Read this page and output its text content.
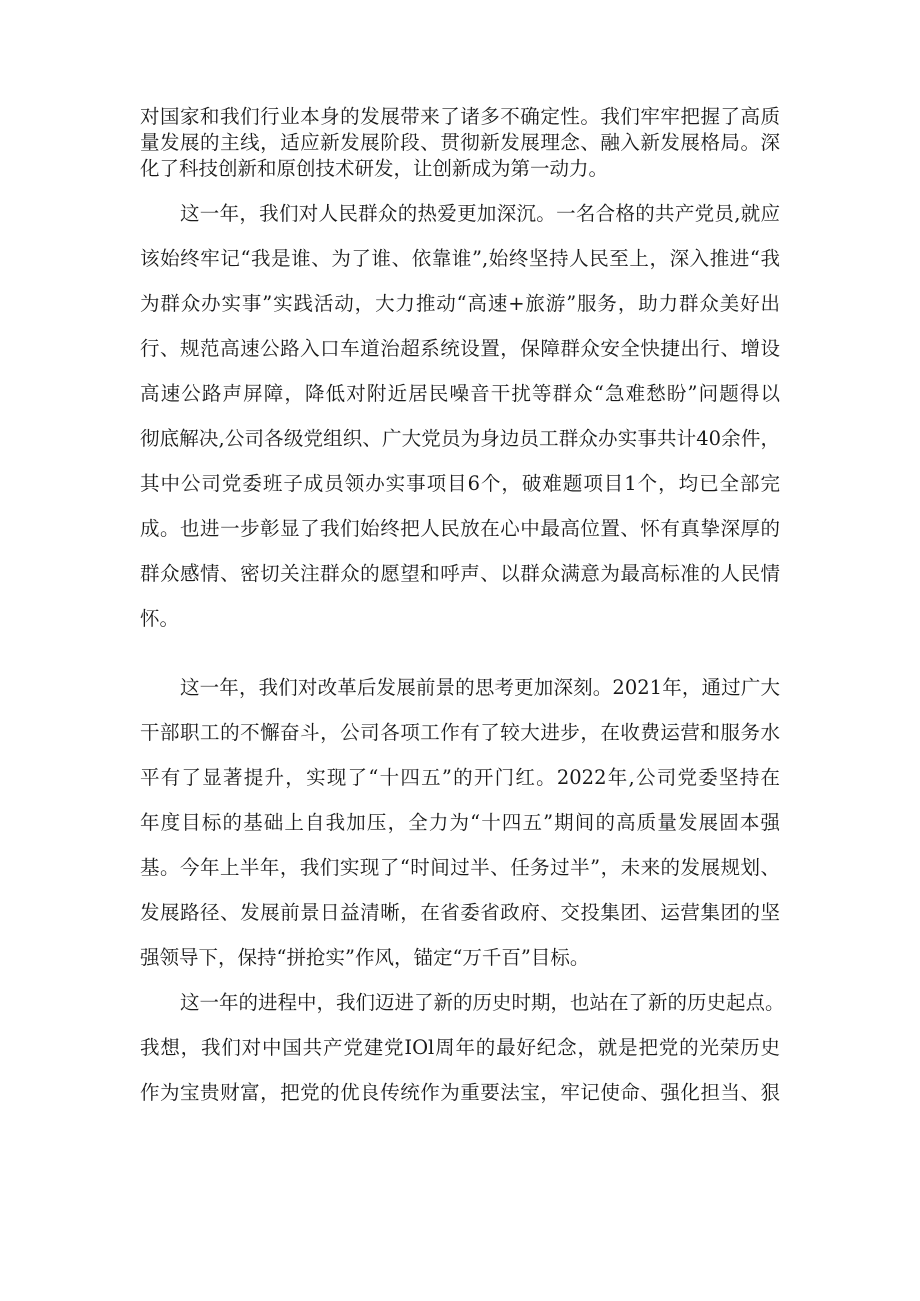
对国家和我们行业本身的发展带来了诸多不确定性。我们牢牢把握了高质
量发展的主线，适应新发展阶段、贯彻新发展理念、融入新发展格局。深
化了科技创新和原创技术研发，让创新成为第一动力。
这一年，我们对人民群众的热爱更加深沉。一名合格的共产党员,就应
该始终牢记“我是谁、为了谁、依靠谁”,始终坚持人民至上，深入推进“我
为群众办实事”实践活动，大力推动“高速+旅游”服务，助力群众美好出
行、规范高速公路入口车道治超系统设置，保障群众安全快捷出行、增设
高速公路声屏障，降低对附近居民噪音干扰等群众“急难愁盼”问题得以
彻底解决,公司各级党组织、广大党员为身边员工群众办实事共计40余件，
其中公司党委班子成员领办实事项目6个，破难题项目1个，均已全部完
成。也进一步彰显了我们始终把人民放在心中最高位置、怀有真挚深厚的
群众感情、密切关注群众的愿望和呼声、以群众满意为最高标准的人民情
怀。
这一年，我们对改革后发展前景的思考更加深刻。2021年，通过广大
干部职工的不懈奋斗，公司各项工作有了较大进步，在收费运营和服务水
平有了显著提升，实现了“十四五”的开门红。2022年,公司党委坚持在
年度目标的基础上自我加压，全力为“十四五”期间的高质量发展固本强
基。今年上半年，我们实现了“时间过半、任务过半”，未来的发展规划、
发展路径、发展前景日益清晰，在省委省政府、交投集团、运营集团的坚
强领导下，保持“拼抢实”作风，锚定“万千百”目标。
这一年的进程中，我们迈进了新的历史时期，也站在了新的历史起点。
我想，我们对中国共产党建党IOl周年的最好纪念，就是把党的光荣历史
作为宝贵财富，把党的优良传统作为重要法宝，牢记使命、强化担当、狠
